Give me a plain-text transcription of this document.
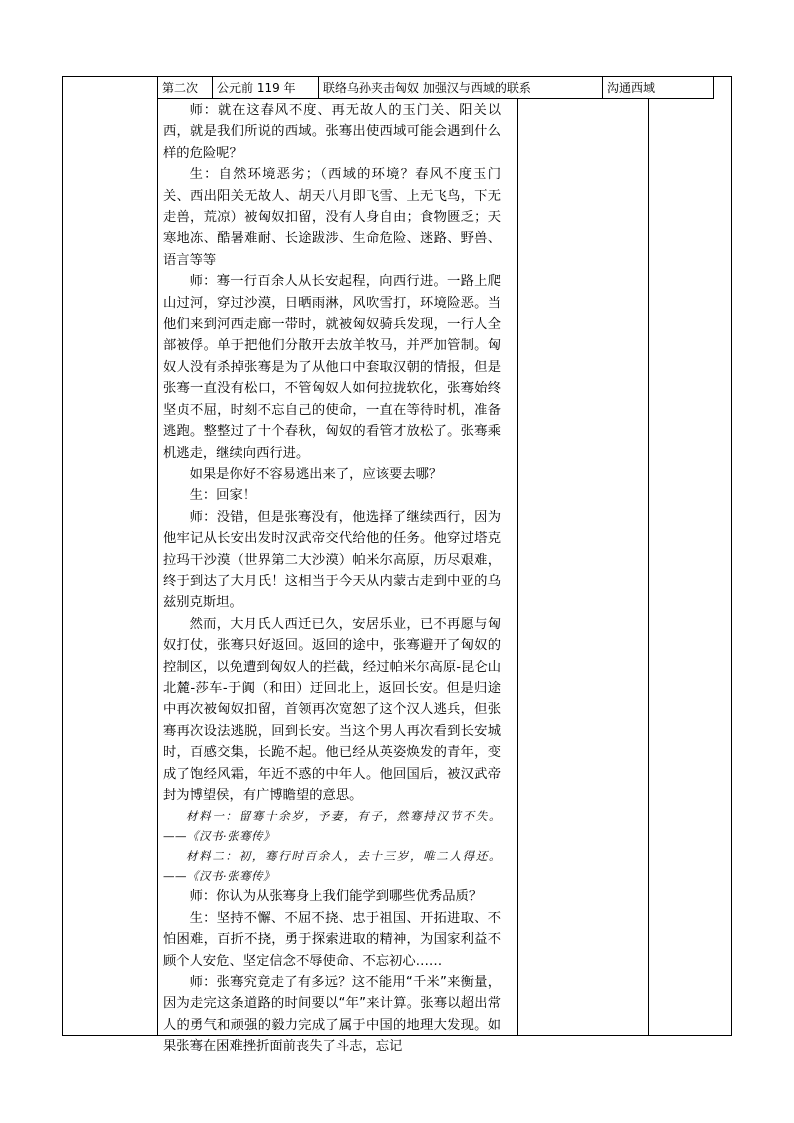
第二次	公元前 119 年	联络乌孙夹击匈奴 加强汉与西域的联系	沟通西域

师：就在这春风不度、再无故人的玉门关、阳关以西，就是我们所说的西域。张骞出使西域可能会遇到什么样的危险呢？

生：自然环境恶劣；（西域的环境？春风不度玉门关、西出阳关无故人、胡天八月即飞雪、上无飞鸟，下无走兽，荒凉）被匈奴扣留，没有人身自由；食物匮乏；天寒地冻、酷暑难耐、长途跋涉、生命危险、迷路、野兽、语言等等

师：骞一行百余人从长安起程，向西行进。一路上爬山过河，穿过沙漠，日晒雨淋，风吹雪打，环境险恶。当他们来到河西走廊一带时，就被匈奴骑兵发现，一行人全部被俘。单于把他们分散开去放羊牧马，并严加管制。匈奴人没有杀掉张骞是为了从他口中套取汉朝的情报，但是张骞一直没有松口，不管匈奴人如何拉拢软化，张骞始终坚贞不屈，时刻不忘自己的使命，一直在等待时机，准备逃跑。整整过了十个春秋，匈奴的看管才放松了。张骞乘机逃走，继续向西行进。

如果是你好不容易逃出来了，应该要去哪？

生：回家！

师：没错，但是张骞没有，他选择了继续西行，因为他牢记从长安出发时汉武帝交代给他的任务。他穿过塔克拉玛干沙漠（世界第二大沙漠）帕米尔高原，历尽艰难，终于到达了大月氏！这相当于今天从内蒙古走到中亚的乌兹别克斯坦。

然而，大月氏人西迁已久，安居乐业，已不再愿与匈奴打仗，张骞只好返回。返回的途中，张骞避开了匈奴的控制区，以免遭到匈奴人的拦截，经过帕米尔高原-昆仑山北麓-莎车-于阗（和田）迂回北上，返回长安。但是归途中再次被匈奴扣留，首领再次宽恕了这个汉人逃兵，但张骞再次设法逃脱，回到长安。当这个男人再次看到长安城时，百感交集，长跪不起。他已经从英姿焕发的青年，变成了饱经风霜，年近不惑的中年人。他回国后，被汉武帝封为博望侯，有广博瞻望的意思。

材料一：留骞十余岁，予妻，有子，然骞持汉节不失。 ——《汉书·张骞传》

材料二：初，骞行时百余人，去十三岁，唯二人得还。 ——《汉书·张骞传》

师：你认为从张骞身上我们能学到哪些优秀品质？

生：坚持不懈、不屈不挠、忠于祖国、开拓进取、不怕困难，百折不挠，勇于探索进取的精神，为国家利益不顾个人安危、坚定信念不辱使命、不忘初心……

师：张骞究竟走了有多远？这不能用“千米”来衡量，因为走完这条道路的时间要以“年”来计算。张骞以超出常人的勇气和顽强的毅力完成了属于中国的地理大发现。如果张骞在困难挫折面前丧失了斗志，忘记
